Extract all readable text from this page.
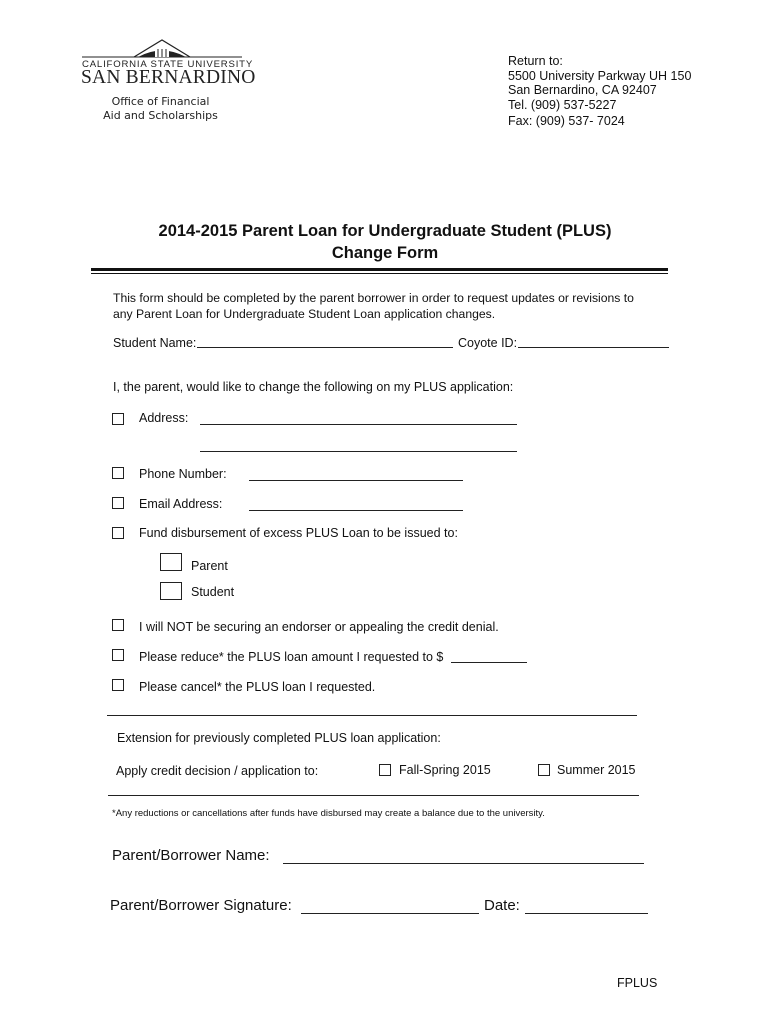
CALIFORNIA STATE UNIVERSITY
SAN BERNARDINO
Office of Financial
Aid and Scholarships
Return to:
5500 University Parkway UH 150
San Bernardino, CA 92407
Tel. (909) 537-5227
Fax: (909) 537- 7024
2014-2015 Parent Loan for Undergraduate Student (PLUS)
Change Form
This form should be completed by the parent borrower in order to request updates or revisions to
any Parent Loan for Undergraduate Student Loan application changes.
Student Name:	Coyote ID:
I, the parent, would like to change the following on my PLUS application:
Address:
Phone Number:
Email Address:
Fund disbursement of excess PLUS Loan to be issued to:
Parent
Student
I will NOT be securing an endorser or appealing the credit denial.
Please reduce* the PLUS loan amount I requested to $
Please cancel* the PLUS loan I requested.
Extension for previously completed PLUS loan application:
Apply credit decision / application to:	Fall-Spring 2015	Summer 2015
*Any reductions or cancellations after funds have disbursed may create a balance due to the university.
Parent/Borrower Name:
Parent/Borrower Signature:	Date:
FPLUS
